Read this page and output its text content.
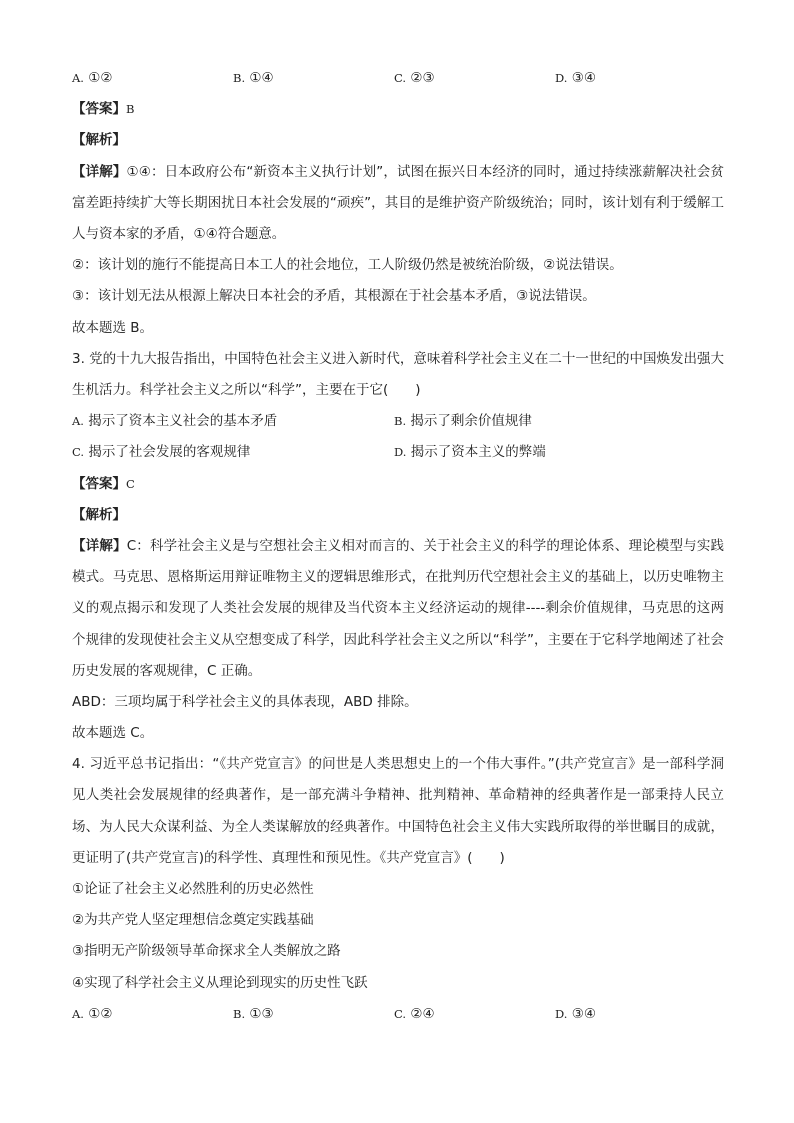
A. ①②	B. ①④	C. ②③	D. ③④
【答案】B
【解析】
【详解】①④：日本政府公布“新资本主义执行计划”，试图在振兴日本经济的同时，通过持续涨薪解决社会贫富差距持续扩大等长期困扰日本社会发展的“顽疾”，其目的是维护资产阶级统治；同时，该计划有利于缓解工人与资本家的矛盾，①④符合题意。
②：该计划的施行不能提高日本工人的社会地位，工人阶级仍然是被统治阶级，②说法错误。
③：该计划无法从根源上解决日本社会的矛盾，其根源在于社会基本矛盾，③说法错误。
故本题选 B。
3. 党的十九大报告指出，中国特色社会主义进入新时代，意味着科学社会主义在二十一世纪的中国焕发出强大生机活力。科学社会主义之所以“科学”，主要在于它(　　)
A. 揭示了资本主义社会的基本矛盾	B. 揭示了剩余价值规律
C. 揭示了社会发展的客观规律	D. 揭示了资本主义的弊端
【答案】C
【解析】
【详解】C：科学社会主义是与空想社会主义相对而言的、关于社会主义的科学的理论体系、理论模型与实践模式。马克思、恩格斯运用辩证唯物主义的逻辑思维形式，在批判历代空想社会主义的基础上，以历史唯物主义的观点揭示和发现了人类社会发展的规律及当代资本主义经济运动的规律----剩余价值规律，马克思的这两个规律的发现使社会主义从空想变成了科学，因此科学社会主义之所以“科学”，主要在于它科学地阐述了社会历史发展的客观规律，C 正确。
ABD：三项均属于科学社会主义的具体表现，ABD 排除。
故本题选 C。
4. 习近平总书记指出：“《共产党宣言》的问世是人类思想史上的一个伟大事件。”(共产党宣言》是一部科学洞见人类社会发展规律的经典著作，是一部充满斗争精神、批判精神、革命精神的经典著作是一部秉持人民立场、为人民大众谋利益、为全人类谋解放的经典著作。中国特色社会主义伟大实践所取得的举世瞩目的成就，更证明了(共产党宣言)的科学性、真理性和预见性。《共产党宣言》(　　)
①论证了社会主义必然胜利的历史必然性
②为共产党人坚定理想信念奠定实践基础
③指明无产阶级领导革命探求全人类解放之路
④实现了科学社会主义从理论到现实的历史性飞跃
A. ①②	B. ①③	C. ②④	D. ③④
